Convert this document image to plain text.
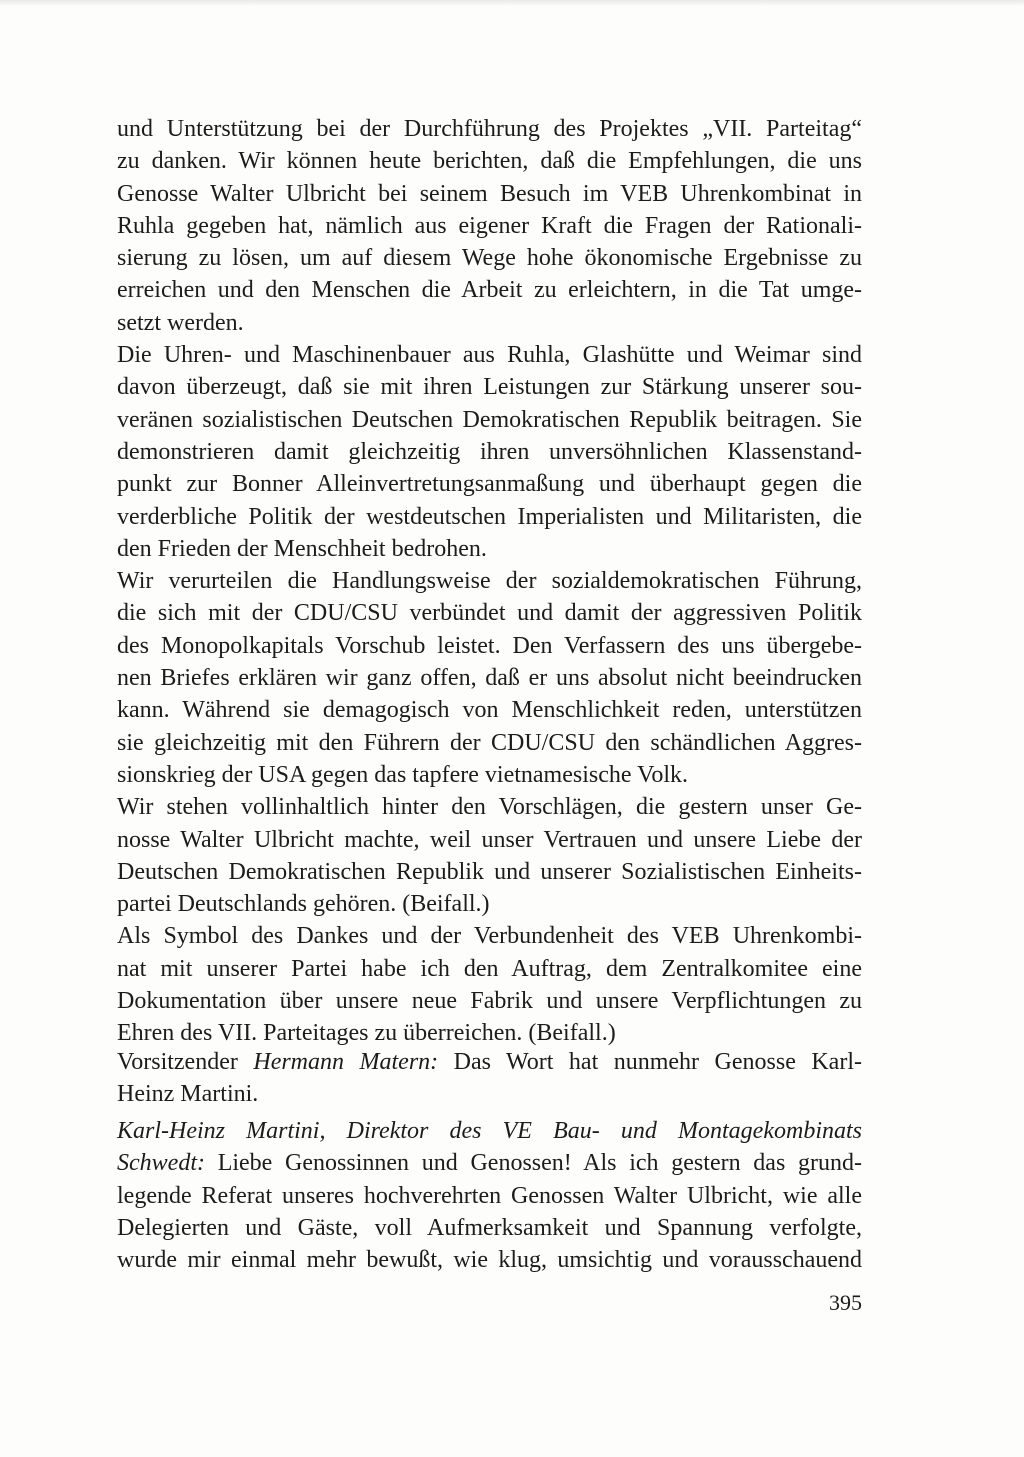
und Unterstützung bei der Durchführung des Projektes „VII. Parteitag“
zu danken. Wir können heute berichten, daß die Empfehlungen, die uns
Genosse Walter Ulbricht bei seinem Besuch im VEB Uhrenkombinat in
Ruhla gegeben hat, nämlich aus eigener Kraft die Fragen der Rationali-
sierung zu lösen, um auf diesem Wege hohe ökonomische Ergebnisse zu
erreichen und den Menschen die Arbeit zu erleichtern, in die Tat umge-
setzt werden.
Die Uhren- und Maschinenbauer aus Ruhla, Glashütte und Weimar sind
davon überzeugt, daß sie mit ihren Leistungen zur Stärkung unserer sou-
veränen sozialistischen Deutschen Demokratischen Republik beitragen. Sie
demonstrieren damit gleichzeitig ihren unversöhnlichen Klassenstand-
punkt zur Bonner Alleinvertretungsanmaßung und überhaupt gegen die
verderbliche Politik der westdeutschen Imperialisten und Militaristen, die
den Frieden der Menschheit bedrohen.
Wir verurteilen die Handlungsweise der sozialdemokratischen Führung,
die sich mit der CDU/CSU verbündet und damit der aggressiven Politik
des Monopolkapitals Vorschub leistet. Den Verfassern des uns übergebe-
nen Briefes erklären wir ganz offen, daß er uns absolut nicht beeindrucken
kann. Während sie demagogisch von Menschlichkeit reden, unterstützen
sie gleichzeitig mit den Führern der CDU/CSU den schändlichen Aggres-
sionskrieg der USA gegen das tapfere vietnamesische Volk.
Wir stehen vollinhaltlich hinter den Vorschlägen, die gestern unser Ge-
nosse Walter Ulbricht machte, weil unser Vertrauen und unsere Liebe der
Deutschen Demokratischen Republik und unserer Sozialistischen Einheits-
partei Deutschlands gehören. (Beifall.)
Als Symbol des Dankes und der Verbundenheit des VEB Uhrenkombi-
nat mit unserer Partei habe ich den Auftrag, dem Zentralkomitee eine
Dokumentation über unsere neue Fabrik und unsere Verpflichtungen zu
Ehren des VII. Parteitages zu überreichen. (Beifall.)
Vorsitzender Hermann Matern: Das Wort hat nunmehr Genosse Karl-
Heinz Martini.
Karl-Heinz Martini, Direktor des VE Bau- und Montagekombinats
Schwedt: Liebe Genossinnen und Genossen! Als ich gestern das grund-
legende Referat unseres hochverehrten Genossen Walter Ulbricht, wie alle
Delegierten und Gäste, voll Aufmerksamkeit und Spannung verfolgte,
wurde mir einmal mehr bewußt, wie klug, umsichtig und vorausschauend
395
